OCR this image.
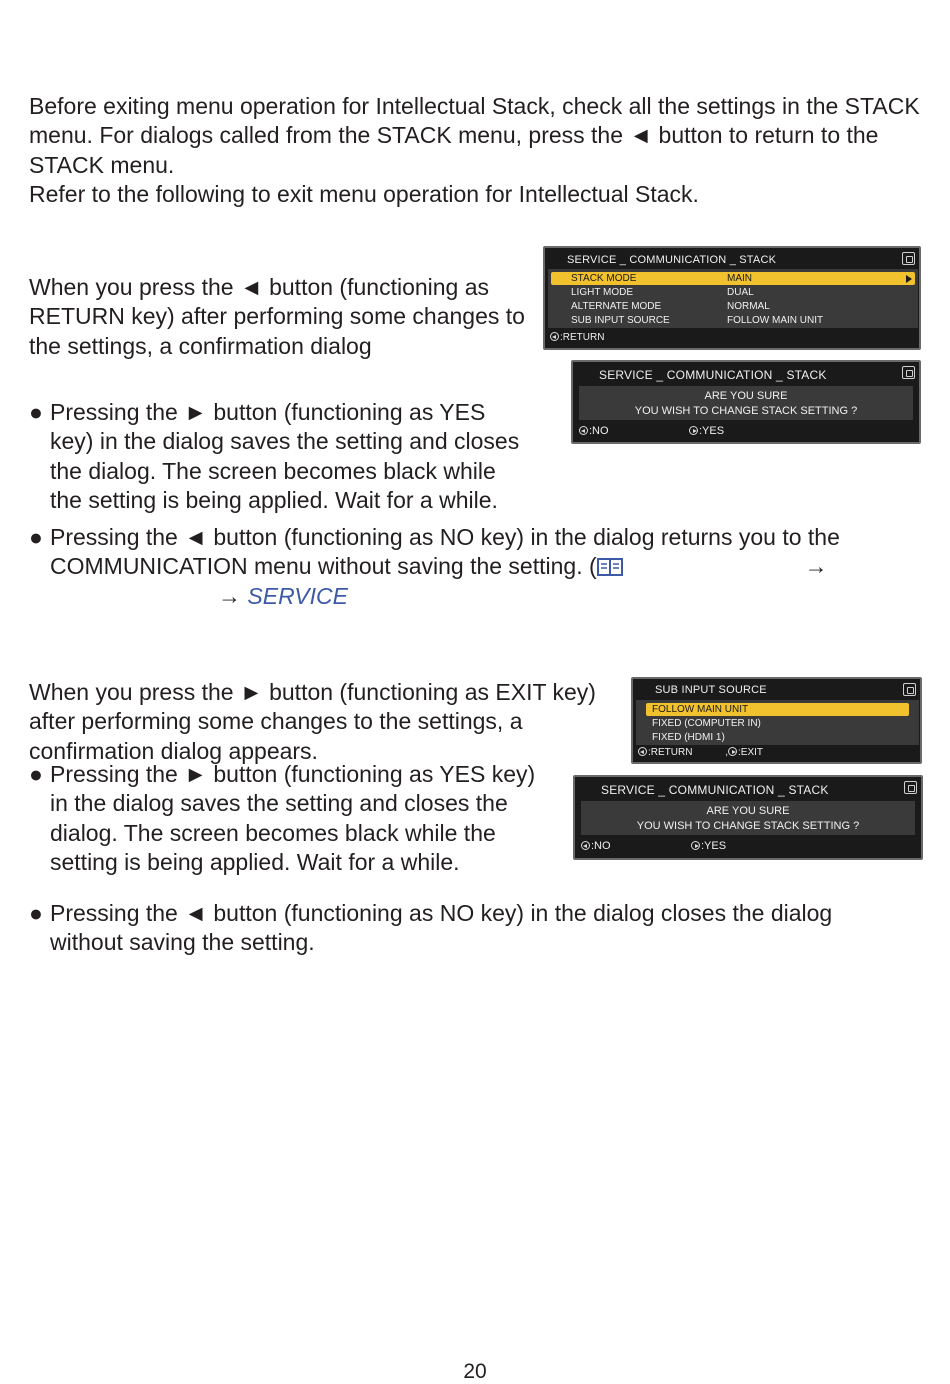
Before exiting menu operation for Intellectual Stack, check all the settings in the STACK menu. For dialogs called from the STACK menu, press the ◄ button to return to the STACK menu.
Refer to the following to exit menu operation for Intellectual Stack.

When you press the ◄ button (functioning as RETURN key) after performing some changes to the settings, a confirmation dialog

● Pressing the ► button (functioning as YES key) in the dialog saves the setting and closes the dialog. The screen becomes black while the setting is being applied. Wait for a while.
● Pressing the ◄ button (functioning as NO key) in the dialog returns you to the COMMUNICATION menu without saving the setting. (	→
→ SERVICE

When you press the ► button (functioning as EXIT key) after performing some changes to the settings, a confirmation dialog appears.

● Pressing the ► button (functioning as YES key) in the dialog saves the setting and closes the dialog. The screen becomes black while the setting is being applied. Wait for a while.
● Pressing the ◄ button (functioning as NO key) in the dialog closes the dialog without saving the setting.
SERVICE _ COMMUNICATION _ STACK
STACK MODE	MAIN
LIGHT MODE	DUAL
ALTERNATE MODE	NORMAL
SUB INPUT SOURCE	FOLLOW MAIN UNIT
:RETURN
SERVICE _ COMMUNICATION _ STACK
ARE YOU SURE
YOU WISH TO CHANGE STACK SETTING ?
:NO	:YES
SUB INPUT SOURCE
FOLLOW MAIN UNIT
FIXED (COMPUTER IN)
FIXED (HDMI 1)
:RETURN	, :EXIT
SERVICE _ COMMUNICATION _ STACK
ARE YOU SURE
YOU WISH TO CHANGE STACK SETTING ?
:NO	:YES
20
